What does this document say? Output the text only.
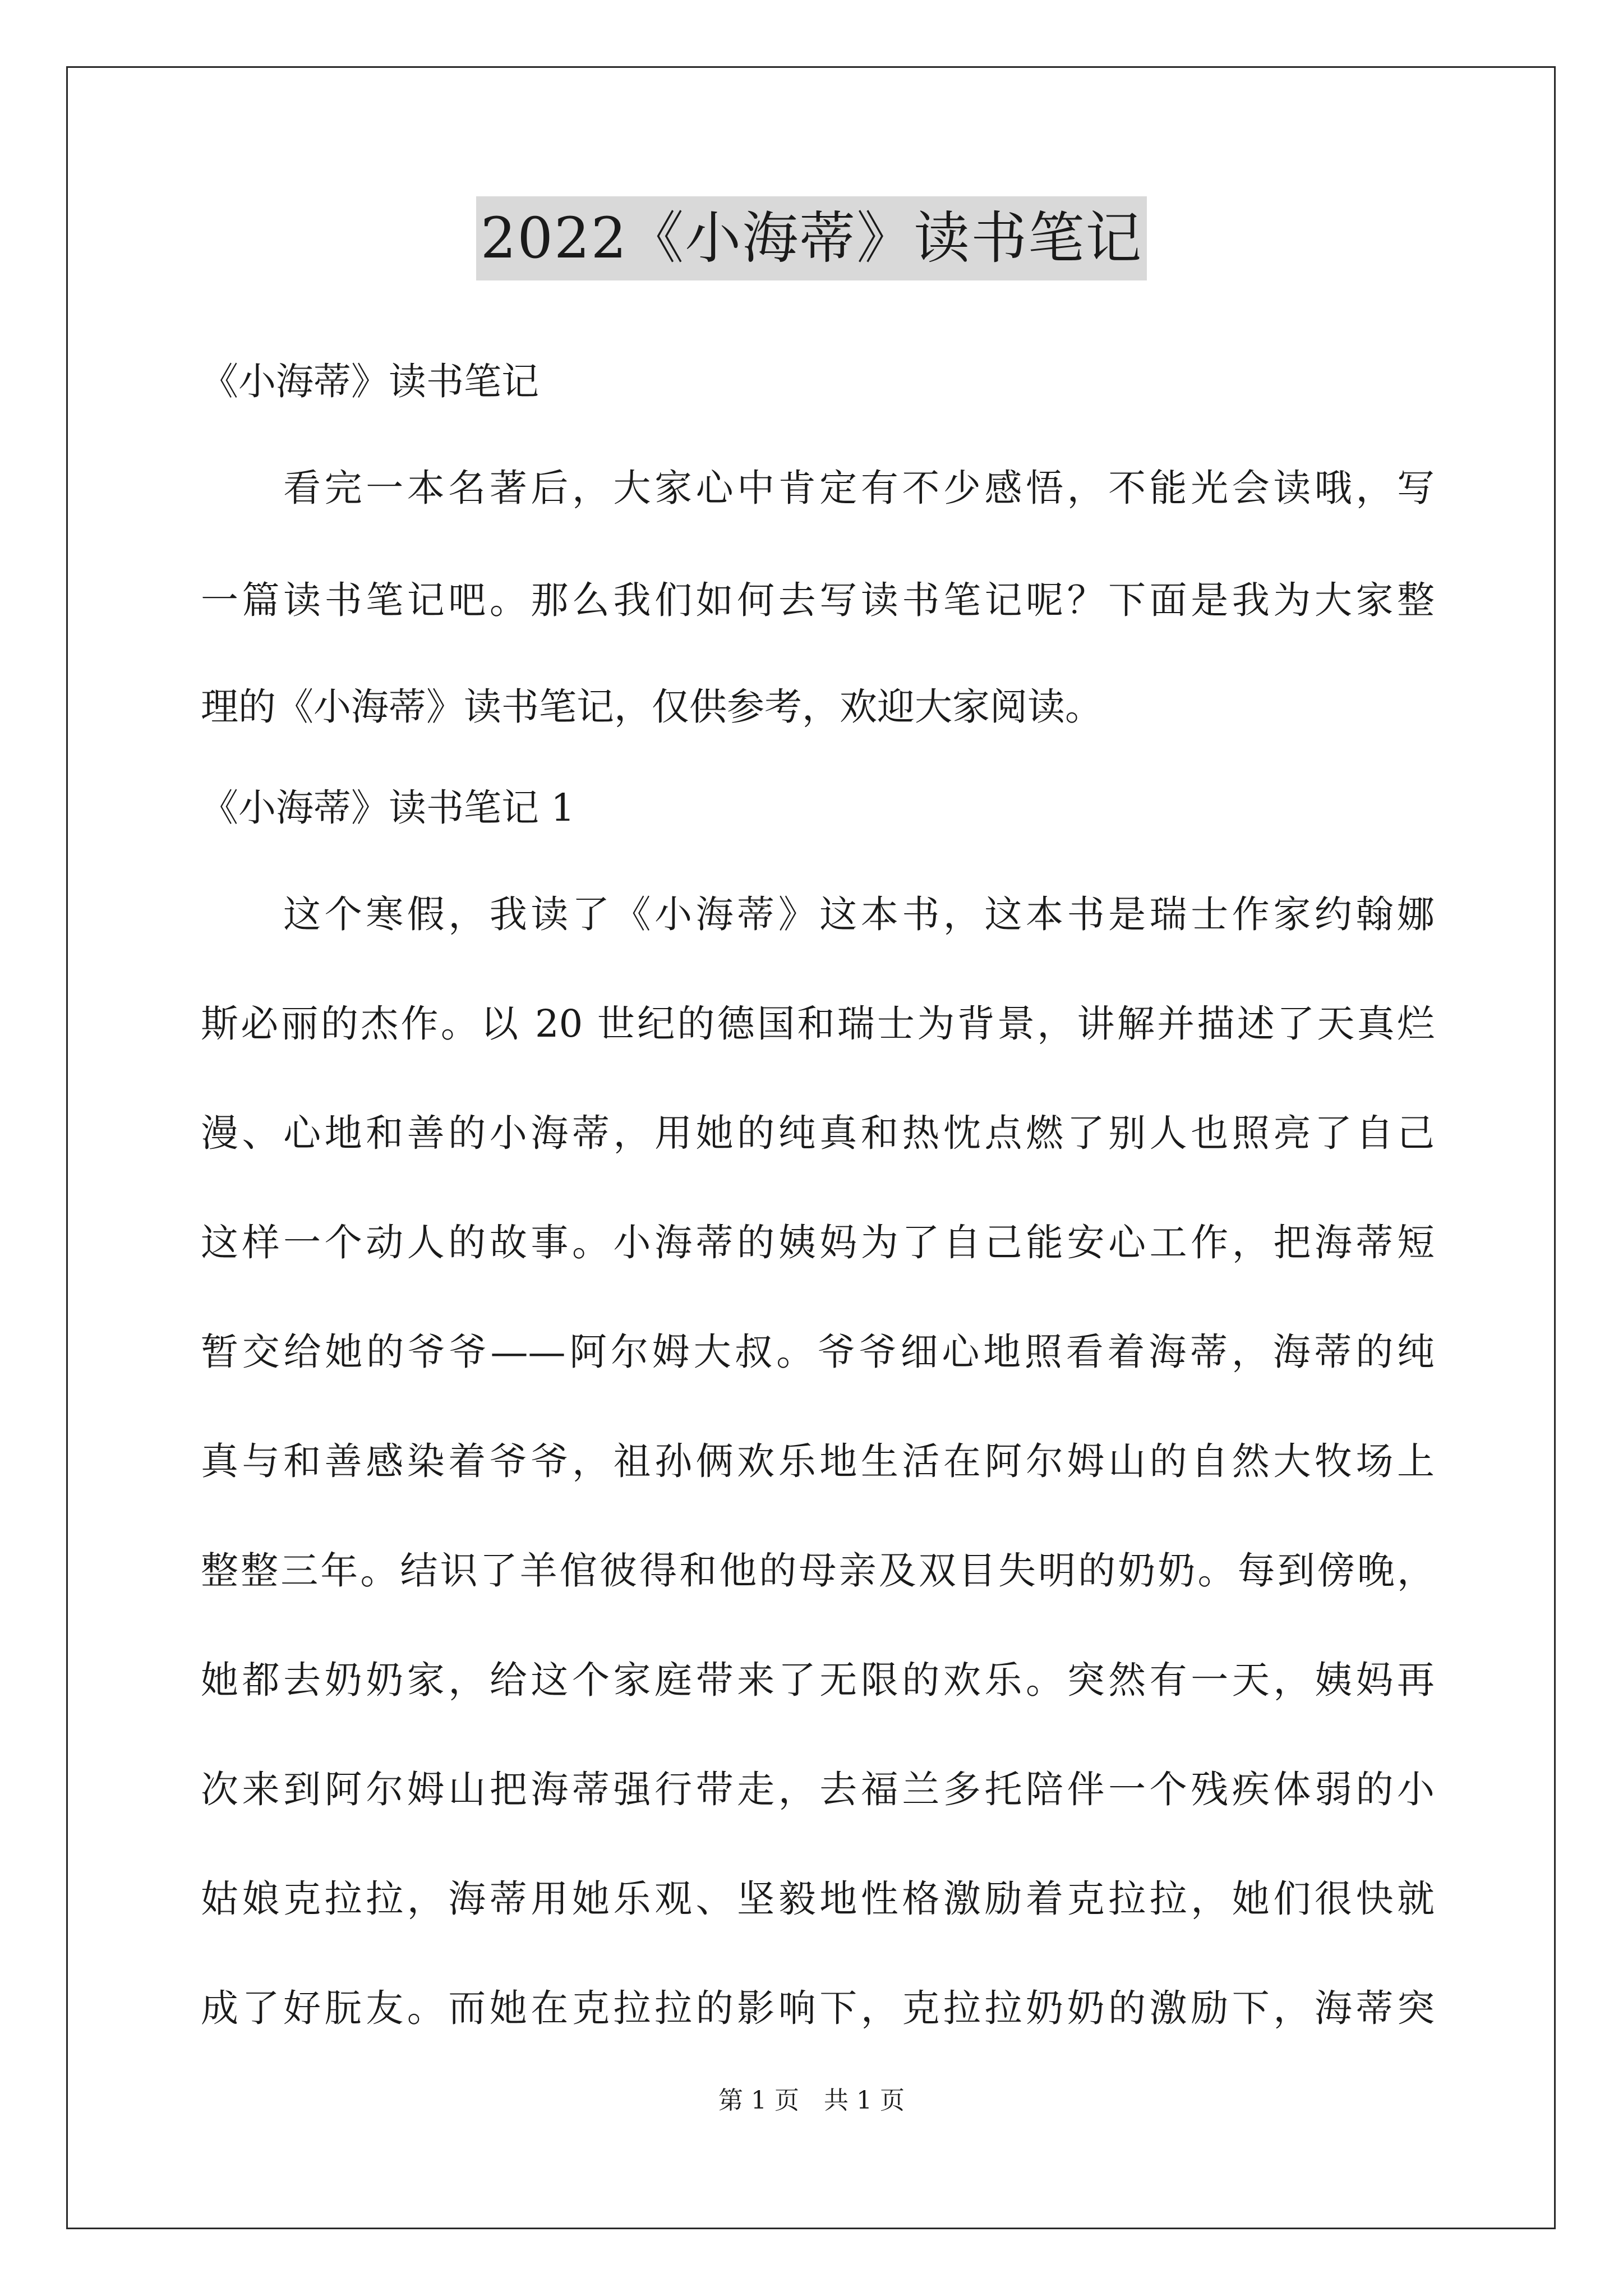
2022《小海蒂》读书笔记
《小海蒂》读书笔记
　　看完一本名著后，大家心中肯定有不少感悟，不能光会读哦，写
一篇读书笔记吧。那么我们如何去写读书笔记呢？下面是我为大家整
理的《小海蒂》读书笔记，仅供参考，欢迎大家阅读。
《小海蒂》读书笔记 1
　　这个寒假，我读了《小海蒂》这本书，这本书是瑞士作家约翰娜
斯必丽的杰作。以 20 世纪的德国和瑞士为背景，讲解并描述了天真烂
漫、心地和善的小海蒂，用她的纯真和热忱点燃了别人也照亮了自己
这样一个动人的故事。小海蒂的姨妈为了自己能安心工作，把海蒂短
暂交给她的爷爷——阿尔姆大叔。爷爷细心地照看着海蒂，海蒂的纯
真与和善感染着爷爷，祖孙俩欢乐地生活在阿尔姆山的自然大牧场上
整整三年。结识了羊倌彼得和他的母亲及双目失明的奶奶。每到傍晚，
她都去奶奶家，给这个家庭带来了无限的欢乐。突然有一天，姨妈再
次来到阿尔姆山把海蒂强行带走，去福兰多托陪伴一个残疾体弱的小
姑娘克拉拉，海蒂用她乐观、坚毅地性格激励着克拉拉，她们很快就
成了好朊友。而她在克拉拉的影响下，克拉拉奶奶的激励下，海蒂突
第 1 页　共 1 页
